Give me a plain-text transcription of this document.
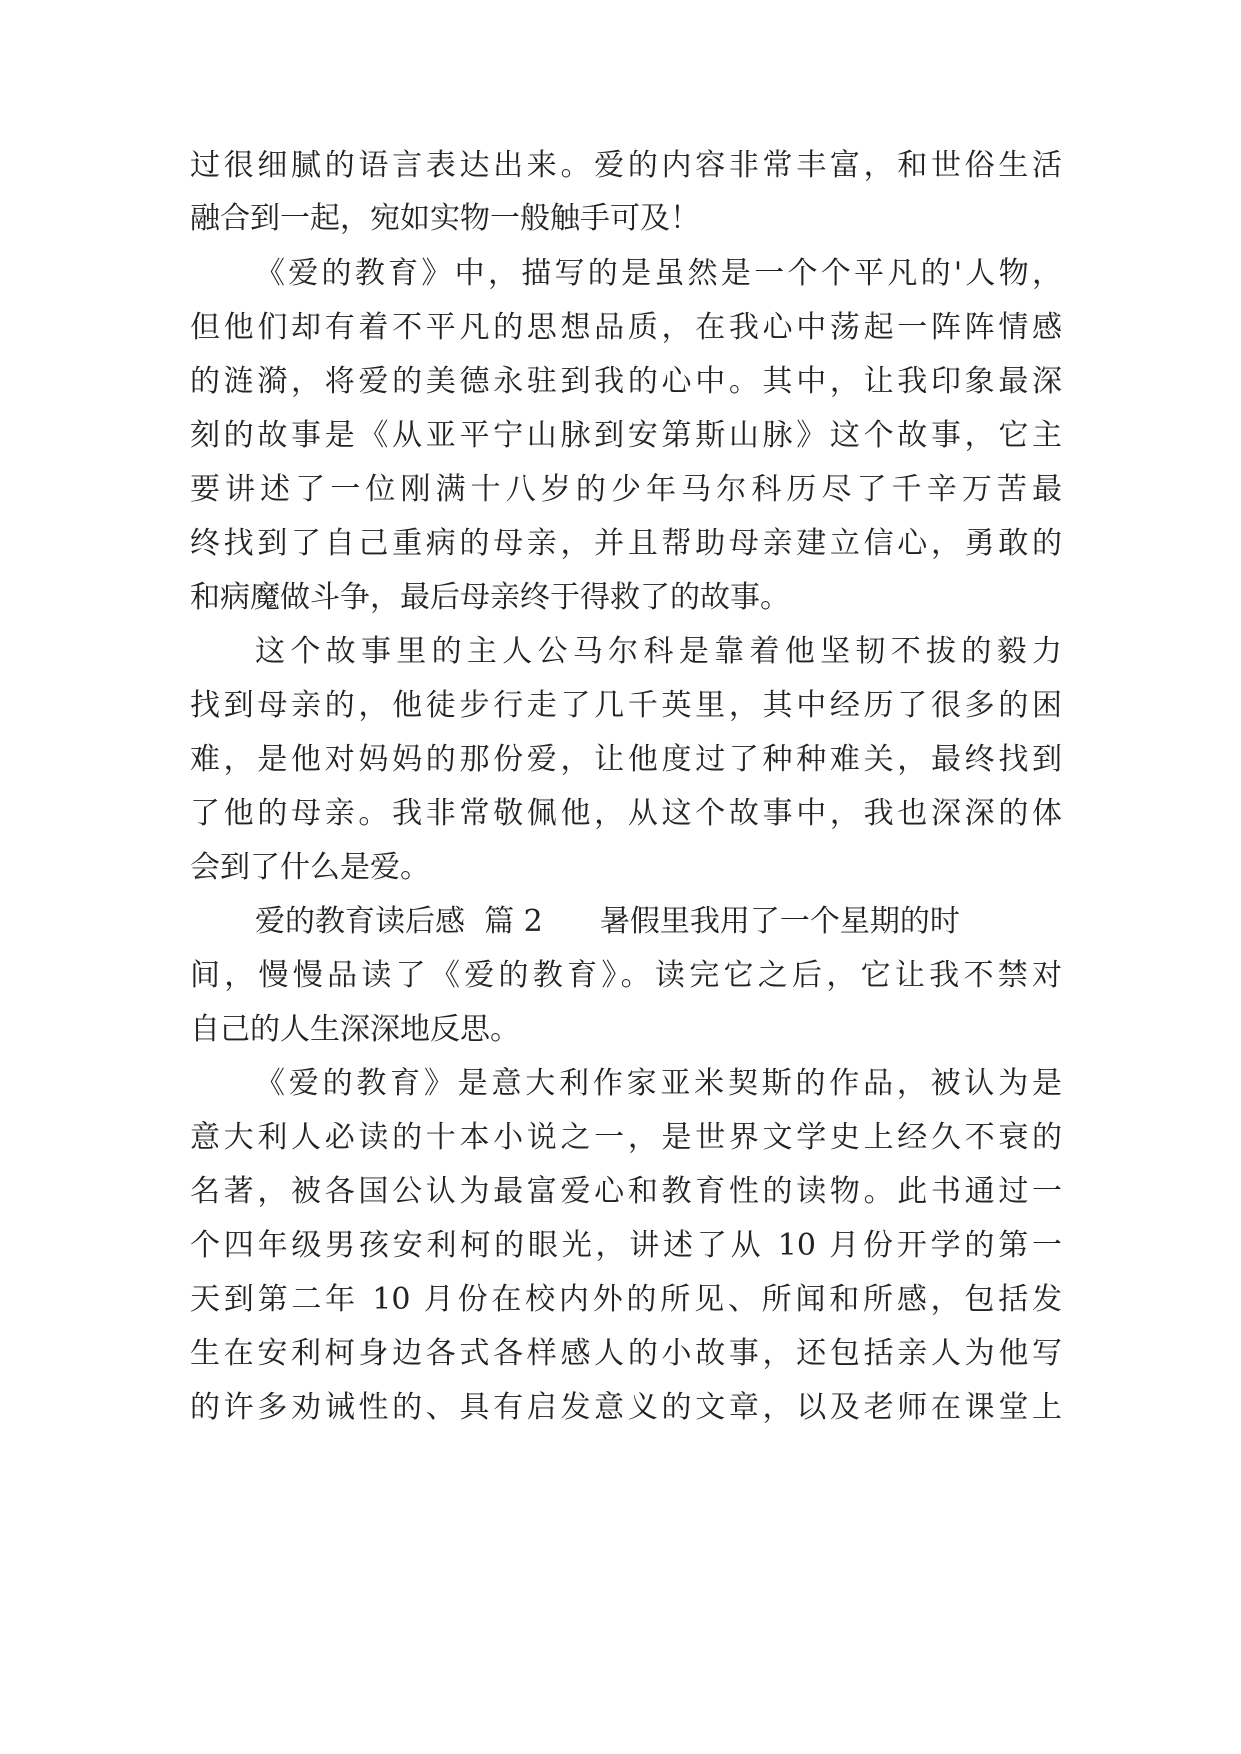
过很细腻的语言表达出来。爱的内容非常丰富，和世俗生活
融合到一起，宛如实物一般触手可及！
《爱的教育》中，描写的是虽然是一个个平凡的'人物，
但他们却有着不平凡的思想品质，在我心中荡起一阵阵情感
的涟漪，将爱的美德永驻到我的心中。其中，让我印象最深
刻的故事是《从亚平宁山脉到安第斯山脉》这个故事，它主
要讲述了一位刚满十八岁的少年马尔科历尽了千辛万苦最
终找到了自己重病的母亲，并且帮助母亲建立信心，勇敢的
和病魔做斗争，最后母亲终于得救了的故事。
这个故事里的主人公马尔科是靠着他坚韧不拔的毅力
找到母亲的，他徒步行走了几千英里，其中经历了很多的困
难，是他对妈妈的那份爱，让他度过了种种难关，最终找到
了他的母亲。我非常敬佩他，从这个故事中，我也深深的体
会到了什么是爱。
爱的教育读后感  篇 2      暑假里我用了一个星期的时
间，慢慢品读了《爱的教育》。读完它之后，它让我不禁对
自己的人生深深地反思。
《爱的教育》是意大利作家亚米契斯的作品，被认为是
意大利人必读的十本小说之一，是世界文学史上经久不衰的
名著，被各国公认为最富爱心和教育性的读物。此书通过一
个四年级男孩安利柯的眼光，讲述了从 10 月份开学的第一
天到第二年 10 月份在校内外的所见、所闻和所感，包括发
生在安利柯身边各式各样感人的小故事，还包括亲人为他写
的许多劝诫性的、具有启发意义的文章，以及老师在课堂上
